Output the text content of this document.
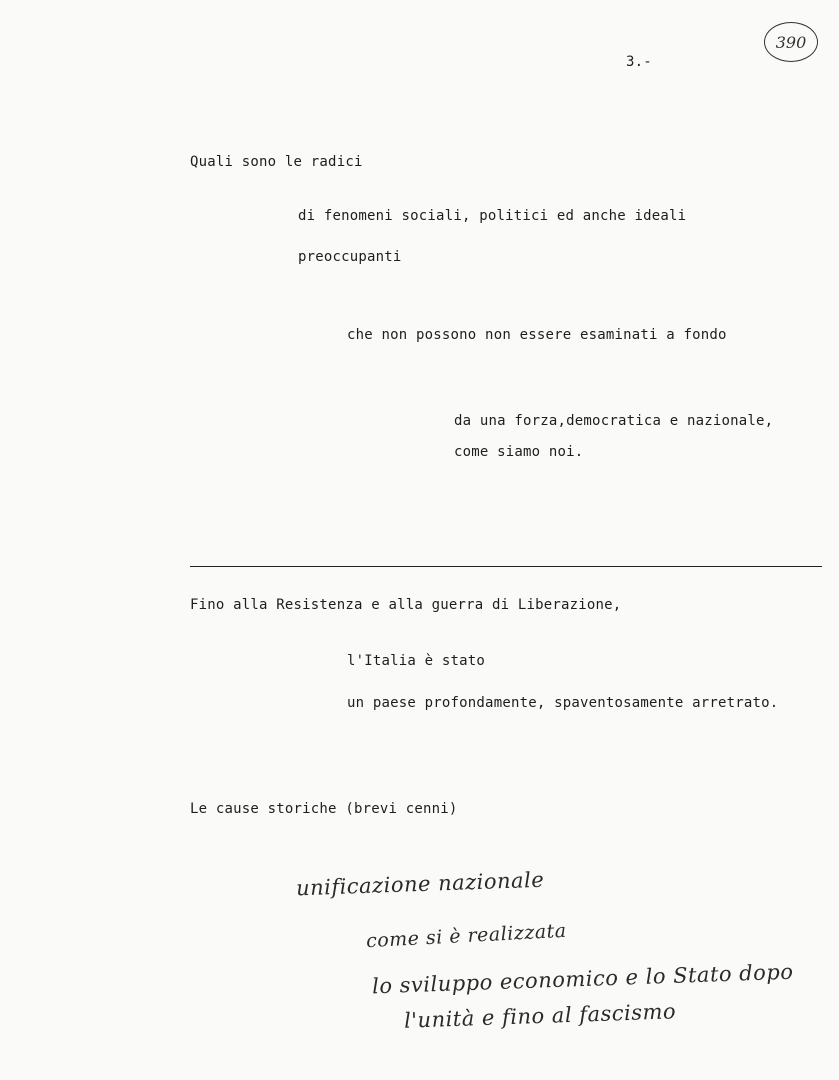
390
3.-
Quali sono le radici
di fenomeni sociali, politici ed anche ideali
preoccupanti
che non possono non essere esaminati a fondo
da una forza,democratica e nazionale,
come siamo noi.
Fino alla Resistenza e alla guerra di Liberazione,
l'Italia è stato
un paese profondamente, spaventosamente arretrato.
Le cause storiche (brevi cenni)
unificazione nazionale
come si è realizzata
lo sviluppo economico e lo Stato dopo
l'unità e fino al fascismo
